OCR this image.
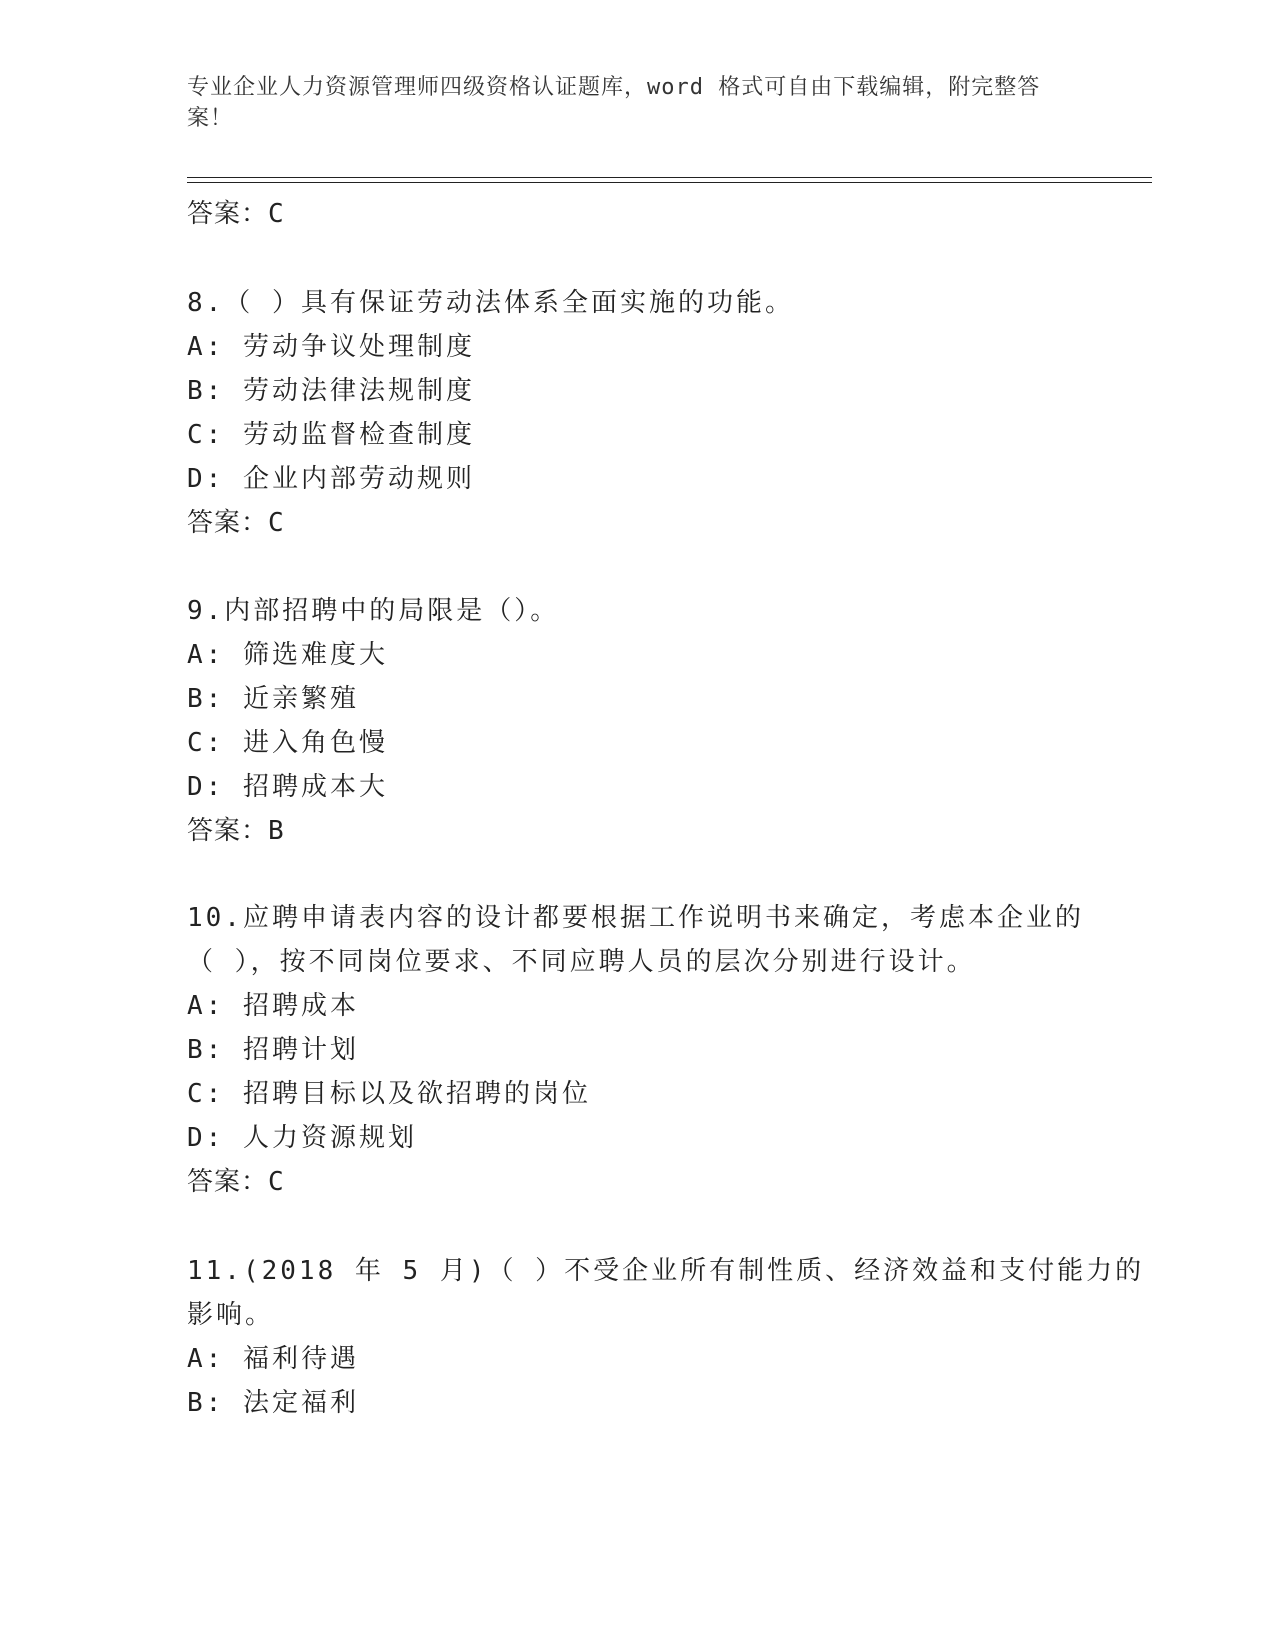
专业企业人力资源管理师四级资格认证题库，word 格式可自由下载编辑，附完整答案！
答案：C
8.（ ）具有保证劳动法体系全面实施的功能。
A: 劳动争议处理制度
B: 劳动法律法规制度
C: 劳动监督检查制度
D: 企业内部劳动规则
答案：C
9.内部招聘中的局限是（）。
A: 筛选难度大
B: 近亲繁殖
C: 进入角色慢
D: 招聘成本大
答案：B
10.应聘申请表内容的设计都要根据工作说明书来确定，考虑本企业的
（ ），按不同岗位要求、不同应聘人员的层次分别进行设计。
A: 招聘成本
B: 招聘计划
C: 招聘目标以及欲招聘的岗位
D: 人力资源规划
答案：C
11.(2018 年 5 月)（ ）不受企业所有制性质、经济效益和支付能力的
影响。
A: 福利待遇
B: 法定福利
